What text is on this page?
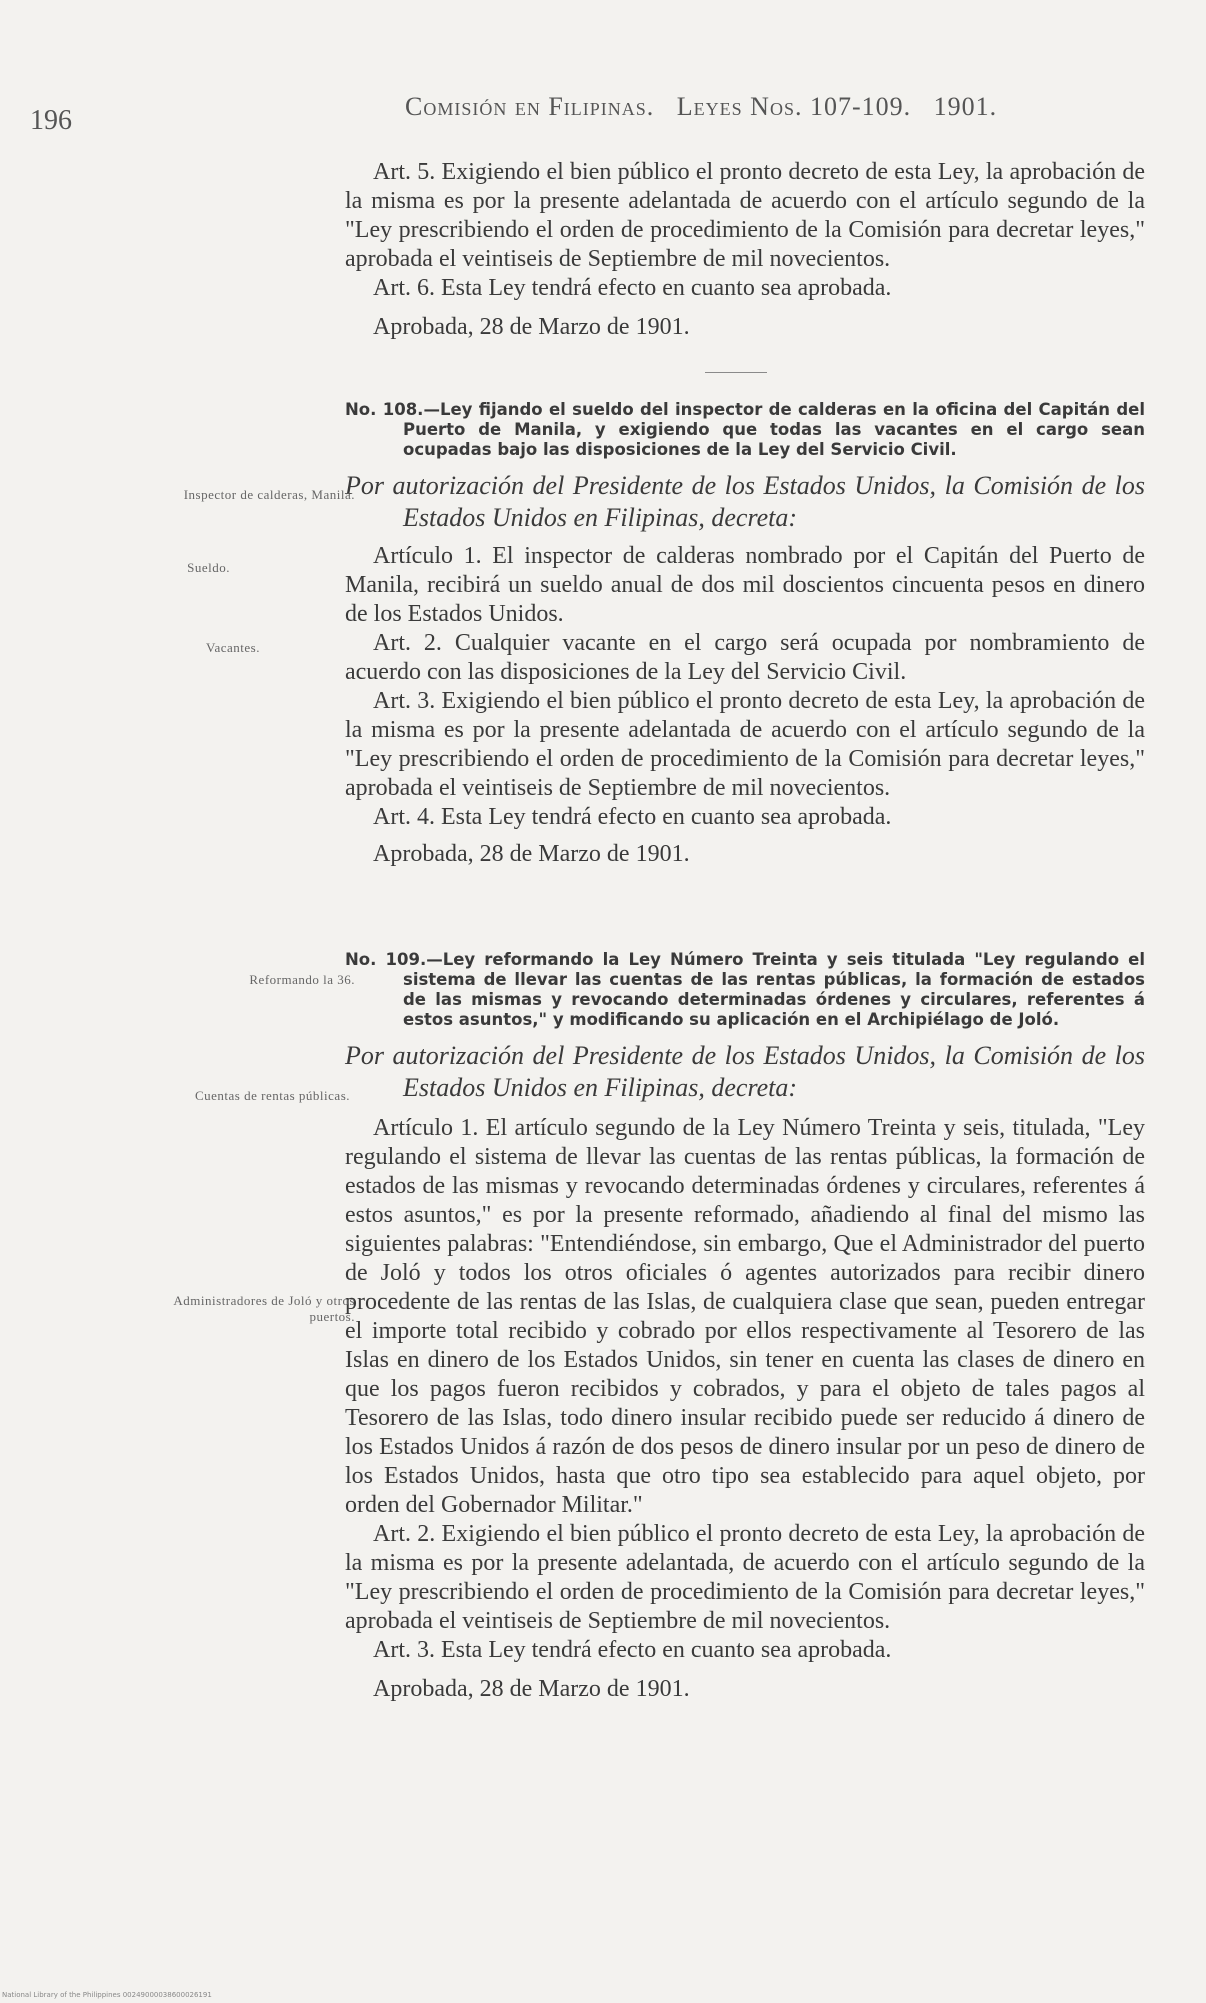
196	Comisión en Filipinas. Leyes Nos. 107-109. 1901.

Art. 5. Exigiendo el bien público el pronto decreto de esta Ley, la aprobación de la misma es por la presente adelantada de acuerdo con el artículo segundo de la "Ley prescribiendo el orden de procedimiento de la Comisión para decretar leyes," aprobada el veintiseis de Septiembre de mil novecientos.

Art. 6. Esta Ley tendrá efecto en cuanto sea aprobada.

Aprobada, 28 de Marzo de 1901.

No. 108.—Ley fijando el sueldo del inspector de calderas en la oficina del Capitán del Puerto de Manila, y exigiendo que todas las vacantes en el cargo sean ocupadas bajo las disposiciones de la Ley del Servicio Civil.

Por autorización del Presidente de los Estados Unidos, la Comisión de los Estados Unidos en Filipinas, decreta:

Artículo 1. El inspector de calderas nombrado por el Capitán del Puerto de Manila, recibirá un sueldo anual de dos mil doscientos cincuenta pesos en dinero de los Estados Unidos.

Art. 2. Cualquier vacante en el cargo será ocupada por nombramiento de acuerdo con las disposiciones de la Ley del Servicio Civil.

Art. 3. Exigiendo el bien público el pronto decreto de esta Ley, la aprobación de la misma es por la presente adelantada de acuerdo con el artículo segundo de la "Ley prescribiendo el orden de procedimiento de la Comisión para decretar leyes," aprobada el veintiseis de Septiembre de mil novecientos.

Art. 4. Esta Ley tendrá efecto en cuanto sea aprobada.

Aprobada, 28 de Marzo de 1901.

Inspector de calderas, Manila.
Sueldo.
Vacantes.

No. 109.—Ley reformando la Ley Número Treinta y seis titulada "Ley regulando el sistema de llevar las cuentas de las rentas públicas, la formación de estados de las mismas y revocando determinadas órdenes y circulares, referentes á estos asuntos," y modificando su aplicación en el Archipiélago de Joló.

Por autorización del Presidente de los Estados Unidos, la Comisión de los Estados Unidos en Filipinas, decreta:

Artículo 1. El artículo segundo de la Ley Número Treinta y seis, titulada, "Ley regulando el sistema de llevar las cuentas de las rentas públicas, la formación de estados de las mismas y revocando determinadas órdenes y circulares, referentes á estos asuntos," es por la presente reformado, añadiendo al final del mismo las siguientes palabras: "Entendiéndose, sin embargo, Que el Administrador del puerto de Joló y todos los otros oficiales ó agentes autorizados para recibir dinero procedente de las rentas de las Islas, de cualquiera clase que sean, pueden entregar el importe total recibido y cobrado por ellos respectivamente al Tesorero de las Islas en dinero de los Estados Unidos, sin tener en cuenta las clases de dinero en que los pagos fueron recibidos y cobrados, y para el objeto de tales pagos al Tesorero de las Islas, todo dinero insular recibido puede ser reducido á dinero de los Estados Unidos á razón de dos pesos de dinero insular por un peso de dinero de los Estados Unidos, hasta que otro tipo sea establecido para aquel objeto, por orden del Gobernador Militar."

Art. 2. Exigiendo el bien público el pronto decreto de esta Ley, la aprobación de la misma es por la presente adelantada, de acuerdo con el artículo segundo de la "Ley prescribiendo el orden de procedimiento de la Comisión para decretar leyes," aprobada el veintiseis de Septiembre de mil novecientos.

Art. 3. Esta Ley tendrá efecto en cuanto sea aprobada.

Aprobada, 28 de Marzo de 1901.

Reformando la 36.
Cuentas de rentas públicas.
Administradores de Joló y otros puertos.
National Library of the Philippines 00249000038600026191
